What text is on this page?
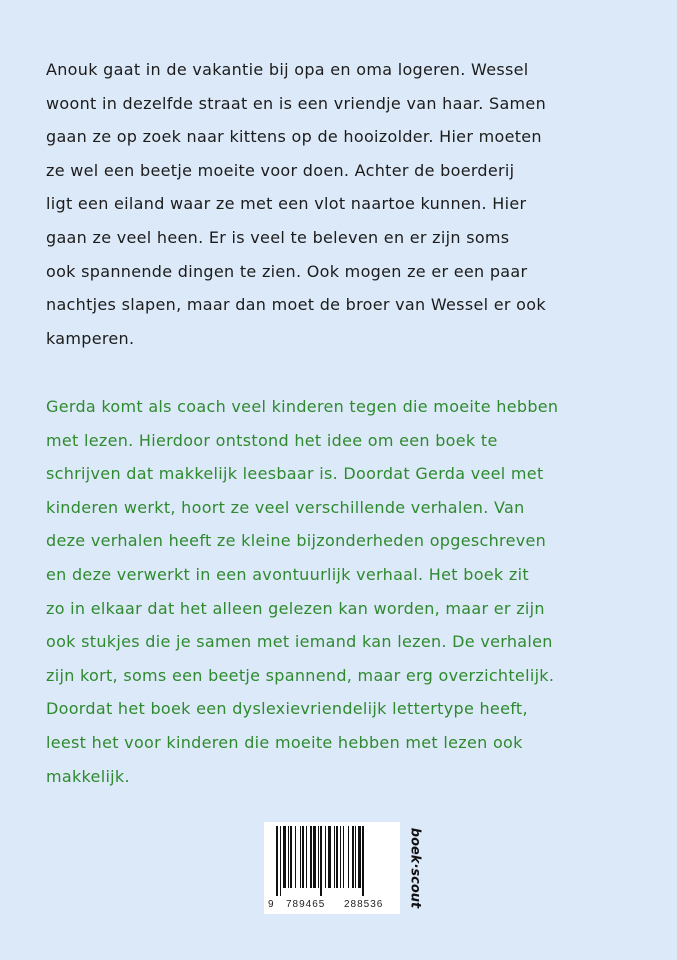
Anouk gaat in de vakantie bij opa en oma logeren. Wessel
woont in dezelfde straat en is een vriendje van haar. Samen
gaan ze op zoek naar kittens op de hooizolder. Hier moeten
ze wel een beetje moeite voor doen. Achter de boerderij
ligt een eiland waar ze met een vlot naartoe kunnen. Hier
gaan ze veel heen. Er is veel te beleven en er zijn soms
ook spannende dingen te zien. Ook mogen ze er een paar
nachtjes slapen, maar dan moet de broer van Wessel er ook
kamperen.
Gerda komt als coach veel kinderen tegen die moeite hebben
met lezen. Hierdoor ontstond het idee om een boek te
schrijven dat makkelijk leesbaar is. Doordat Gerda veel met
kinderen werkt, hoort ze veel verschillende verhalen. Van
deze verhalen heeft ze kleine bijzonderheden opgeschreven
en deze verwerkt in een avontuurlijk verhaal. Het boek zit
zo in elkaar dat het alleen gelezen kan worden, maar er zijn
ook stukjes die je samen met iemand kan lezen. De verhalen
zijn kort, soms een beetje spannend, maar erg overzichtelijk.
Doordat het boek een dyslexievriendelijk lettertype heeft,
leest het voor kinderen die moeite hebben met lezen ook
makkelijk.
9 789465 288536 boek·scout
